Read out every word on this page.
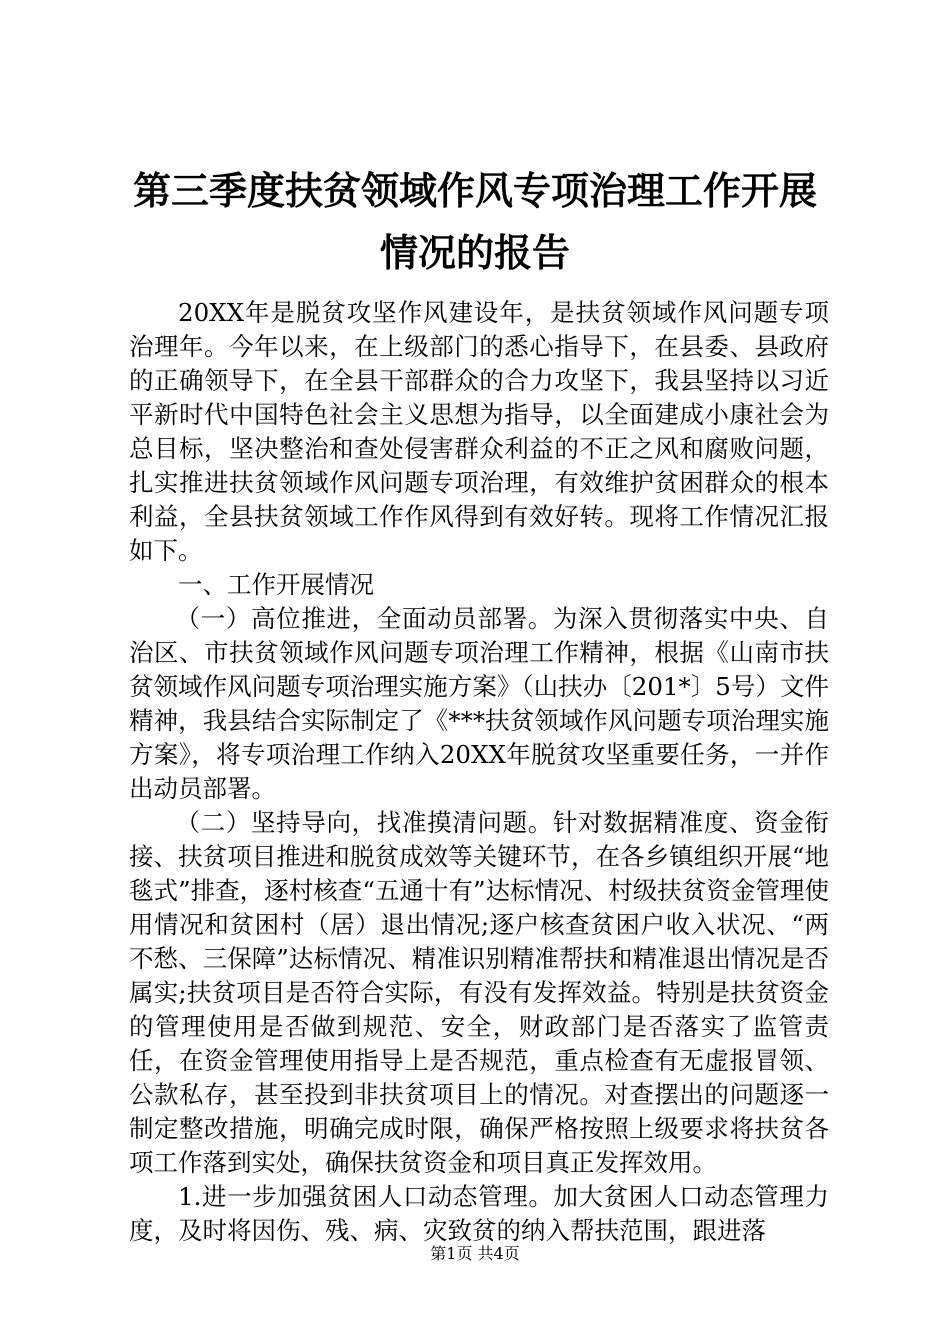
第三季度扶贫领域作风专项治理工作开展情况的报告

20XX年是脱贫攻坚作风建设年，是扶贫领域作风问题专项治理年。今年以来，在上级部门的悉心指导下，在县委、县政府的正确领导下，在全县干部群众的合力攻坚下，我县坚持以习近平新时代中国特色社会主义思想为指导，以全面建成小康社会为总目标，坚决整治和查处侵害群众利益的不正之风和腐败问题，扎实推进扶贫领域作风问题专项治理，有效维护贫困群众的根本利益，全县扶贫领域工作作风得到有效好转。现将工作情况汇报如下。

一、工作开展情况

（一）高位推进，全面动员部署。为深入贯彻落实中央、自治区、市扶贫领域作风问题专项治理工作精神，根据《山南市扶贫领域作风问题专项治理实施方案》（山扶办〔201*〕5号）文件精神，我县结合实际制定了《***扶贫领域作风问题专项治理实施方案》，将专项治理工作纳入20XX年脱贫攻坚重要任务，一并作出动员部署。

（二）坚持导向，找准摸清问题。针对数据精准度、资金衔接、扶贫项目推进和脱贫成效等关键环节，在各乡镇组织开展“地毯式”排查，逐村核查“五通十有”达标情况、村级扶贫资金管理使用情况和贫困村（居）退出情况;逐户核查贫困户收入状况、“两不愁、三保障”达标情况、精准识别精准帮扶和精准退出情况是否属实;扶贫项目是否符合实际，有没有发挥效益。特别是扶贫资金的管理使用是否做到规范、安全，财政部门是否落实了监管责任，在资金管理使用指导上是否规范，重点检查有无虚报冒领、公款私存，甚至投到非扶贫项目上的情况。对查摆出的问题逐一制定整改措施，明确完成时限，确保严格按照上级要求将扶贫各项工作落到实处，确保扶贫资金和项目真正发挥效用。

1.进一步加强贫困人口动态管理。加大贫困人口动态管理力度，及时将因伤、残、病、灾致贫的纳入帮扶范围，跟进落

第1页 共4页
